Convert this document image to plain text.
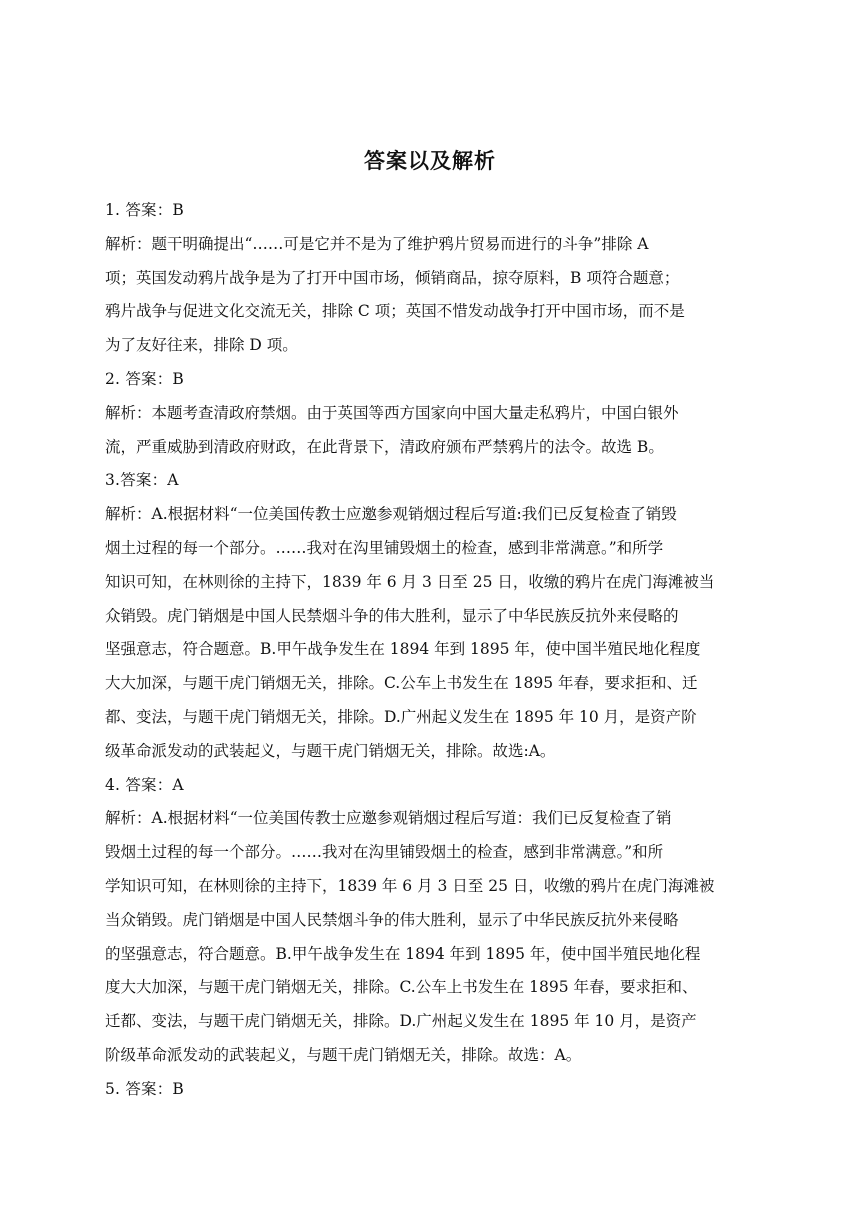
答案以及解析
1. 答案：B
解析：题干明确提出“……可是它并不是为了维护鸦片贸易而进行的斗争”排除 A
项；英国发动鸦片战争是为了打开中国市场，倾销商品，掠夺原料，B 项符合题意；
鸦片战争与促进文化交流无关，排除 C 项；英国不惜发动战争打开中国市场，而不是
为了友好往来，排除 D 项。
2. 答案：B
解析：本题考查清政府禁烟。由于英国等西方国家向中国大量走私鸦片，中国白银外
流，严重威胁到清政府财政，在此背景下，清政府颁布严禁鸦片的法令。故选 B。
3.答案：A
解析：A.根据材料“一位美国传教士应邀参观销烟过程后写道:我们已反复检查了销毁
烟土过程的每一个部分。……我对在沟里铺毁烟土的检查，感到非常满意。”和所学
知识可知，在林则徐的主持下，1839 年 6 月 3 日至 25 日，收缴的鸦片在虎门海滩被当
众销毁。虎门销烟是中国人民禁烟斗争的伟大胜利，显示了中华民族反抗外来侵略的
坚强意志，符合题意。B.甲午战争发生在 1894 年到 1895 年，使中国半殖民地化程度
大大加深，与题干虎门销烟无关，排除。C.公车上书发生在 1895 年春，要求拒和、迁
都、变法，与题干虎门销烟无关，排除。D.广州起义发生在 1895 年 10 月，是资产阶
级革命派发动的武装起义，与题干虎门销烟无关，排除。故选:A。
4. 答案：A
解析：A.根据材料“一位美国传教士应邀参观销烟过程后写道：我们已反复检查了销
毁烟土过程的每一个部分。……我对在沟里铺毁烟土的检查，感到非常满意。”和所
学知识可知，在林则徐的主持下，1839 年 6 月 3 日至 25 日，收缴的鸦片在虎门海滩被
当众销毁。虎门销烟是中国人民禁烟斗争的伟大胜利，显示了中华民族反抗外来侵略
的坚强意志，符合题意。B.甲午战争发生在 1894 年到 1895 年，使中国半殖民地化程
度大大加深，与题干虎门销烟无关，排除。C.公车上书发生在 1895 年春，要求拒和、
迁都、变法，与题干虎门销烟无关，排除。D.广州起义发生在 1895 年 10 月，是资产
阶级革命派发动的武装起义，与题干虎门销烟无关，排除。故选：A。
5. 答案：B
